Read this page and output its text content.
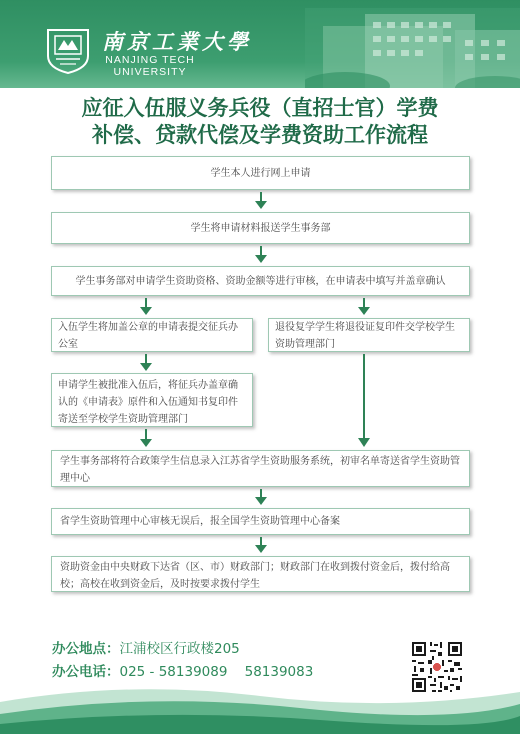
南京工業大學
NANJING TECH
UNIVERSITY
应征入伍服义务兵役（直招士官）学费
补偿、贷款代偿及学费资助工作流程
学生本人进行网上申请
学生将申请材料报送学生事务部
学生事务部对申请学生资助资格、资助金额等进行审核，在申请表中填写并盖章确认
入伍学生将加盖公章的申请表提交征兵办公室
退役复学学生将退役证复印件交学校学生资助管理部门
申请学生被批准入伍后，将征兵办盖章确认的《申请表》原件和入伍通知书复印件寄送至学校学生资助管理部门
学生事务部将符合政策学生信息录入江苏省学生资助服务系统，初审名单寄送省学生资助管理中心
省学生资助管理中心审核无误后，报全国学生资助管理中心备案
资助资金由中央财政下达省（区、市）财政部门；财政部门在收到拨付资金后，拨付给高校；高校在收到资金后，及时按要求拨付学生
办公地点：江浦校区行政楼205
办公电话：025 - 58139089    58139083
